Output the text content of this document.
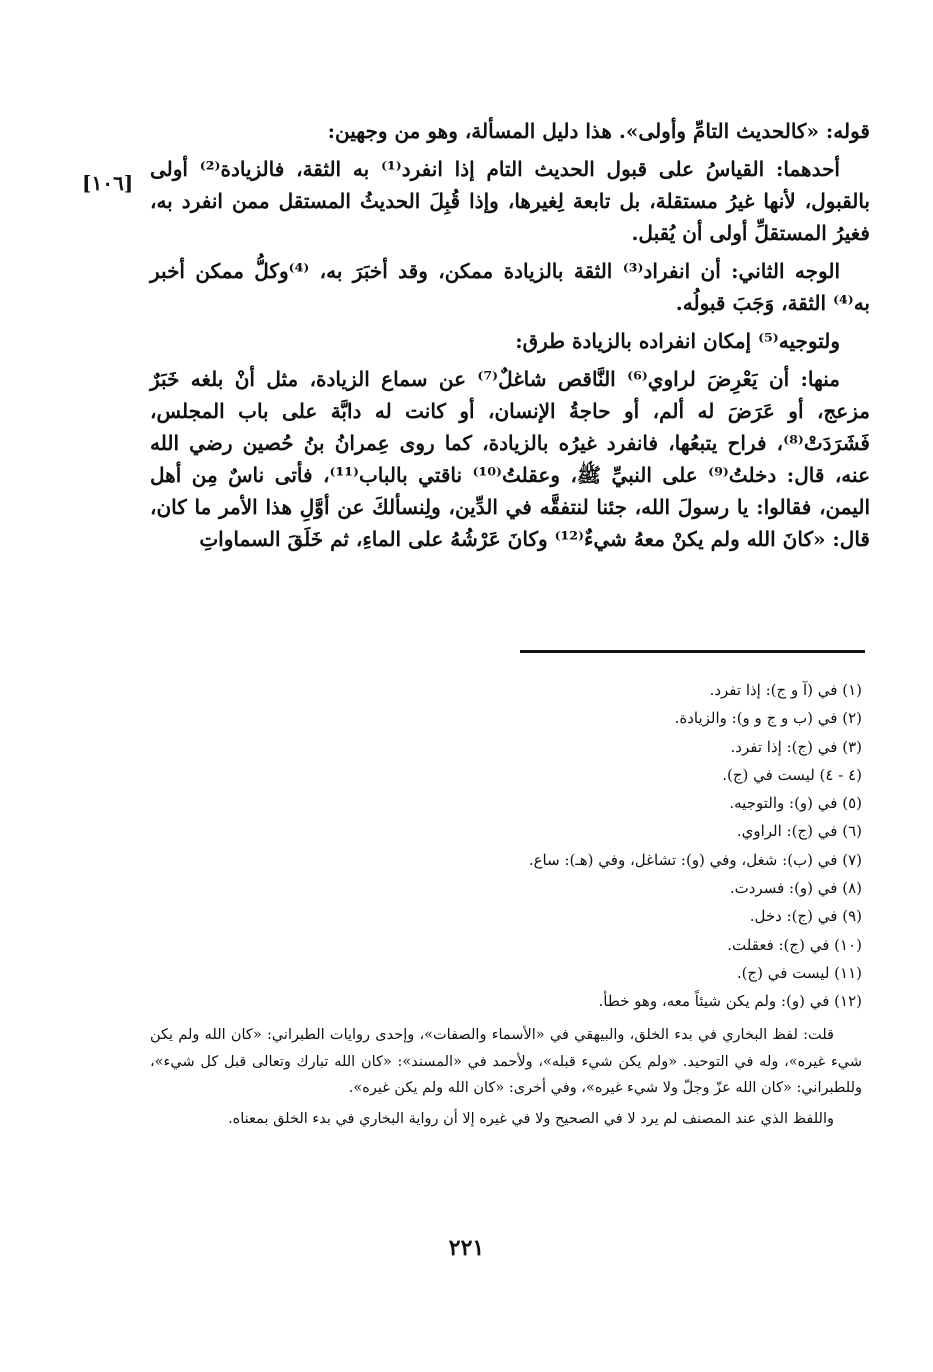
قوله: «كالحديث التامِّ وأولى». هذا دليل المسألة، وهو من وجهين:

أحدهما: القياسُ على قبول الحديث التام إذا انفرد⁽¹⁾ به الثقة، فالزيادة⁽²⁾ أولى بالقبول، لأنها غيرُ مستقلة، بل تابعة لِغيرها، وإذا قُبِلَ الحديثُ المستقل ممن انفرد به، فغيرُ المستقلِّ أولى أن يُقبل.

الوجه الثاني: أن انفراد⁽³⁾ الثقة بالزيادة ممكن، وقد أخبَرَ به، ⁽⁴⁾وكلُّ ممكن أخبر به⁽⁴⁾ الثقة، وَجَبَ قبولُه.

ولتوجيه⁽⁵⁾ إمكان انفراده بالزيادة طرق:

منها: أن يَعْرِضَ لراوي⁽⁶⁾ النَّاقص شاغلٌ⁽⁷⁾ عن سماع الزيادة، مثل أنْ بلغه خَبَرٌ مزعج، أو عَرَضَ له ألم، أو حاجةُ الإنسان، أو كانت له دابَّة على باب المجلس، فَشَرَدَتْ⁽⁸⁾، فراح يتبعُها، فانفرد غيرُه بالزيادة، كما روى عِمرانُ بنُ حُصين رضي الله عنه، قال: دخلتُ⁽⁹⁾ على النبيِّ ﷺ، وعقلتُ⁽¹⁰⁾ ناقتي بالباب⁽¹¹⁾، فأتى ناسٌ مِن أهل اليمن، فقالوا: يا رسولَ الله، جئنا لنتفقَّه في الدِّين، ولِنسألكَ عن أوَّلِ هذا الأمر ما كان، قال: «كانَ الله ولم يكنْ معهُ شيءٌ⁽¹²⁾ وكانَ عَرْشُهُ على الماءِ، ثم خَلَقَ السماواتِ

[١٠٦]

(١) في (آ و ج): إذا تفرد.

(٢) في (ب و ج و و): والزيادة.

(٣) في (ج): إذا تفرد.

(٤ - ٤) ليست في (ج).

(٥) في (و): والتوجيه.

(٦) في (ج): الراوي.

(٧) في (ب): شغل، وفي (و): تشاغل، وفي (هـ): ساع.

(٨) في (و): فسردت.

(٩) في (ج): دخل.

(١٠) في (ج): فعقلت.

(١١) ليست في (ج).

(١٢) في (و): ولم يكن شيئاً معه، وهو خطأ.

قلت: لفظ البخاري في بدء الخلق، والبيهقي في «الأسماء والصفات»، وإحدى روايات الطبراني: «كان الله ولم يكن شيء غيره»، وله في التوحيد. «ولم يكن شيء قبله»، ولأحمد في «المسند»: «كان الله تبارك وتعالى قبل كل شيء»، وللطبراني: «كان الله عزّ وجلّ ولا شيء غيره»، وفي أخرى: «كان الله ولم يكن غيره».

واللفظ الذي عند المصنف لم يرد لا في الصحيح ولا في غيره إلا أن رواية البخاري في بدء الخلق بمعناه.

٢٢١
